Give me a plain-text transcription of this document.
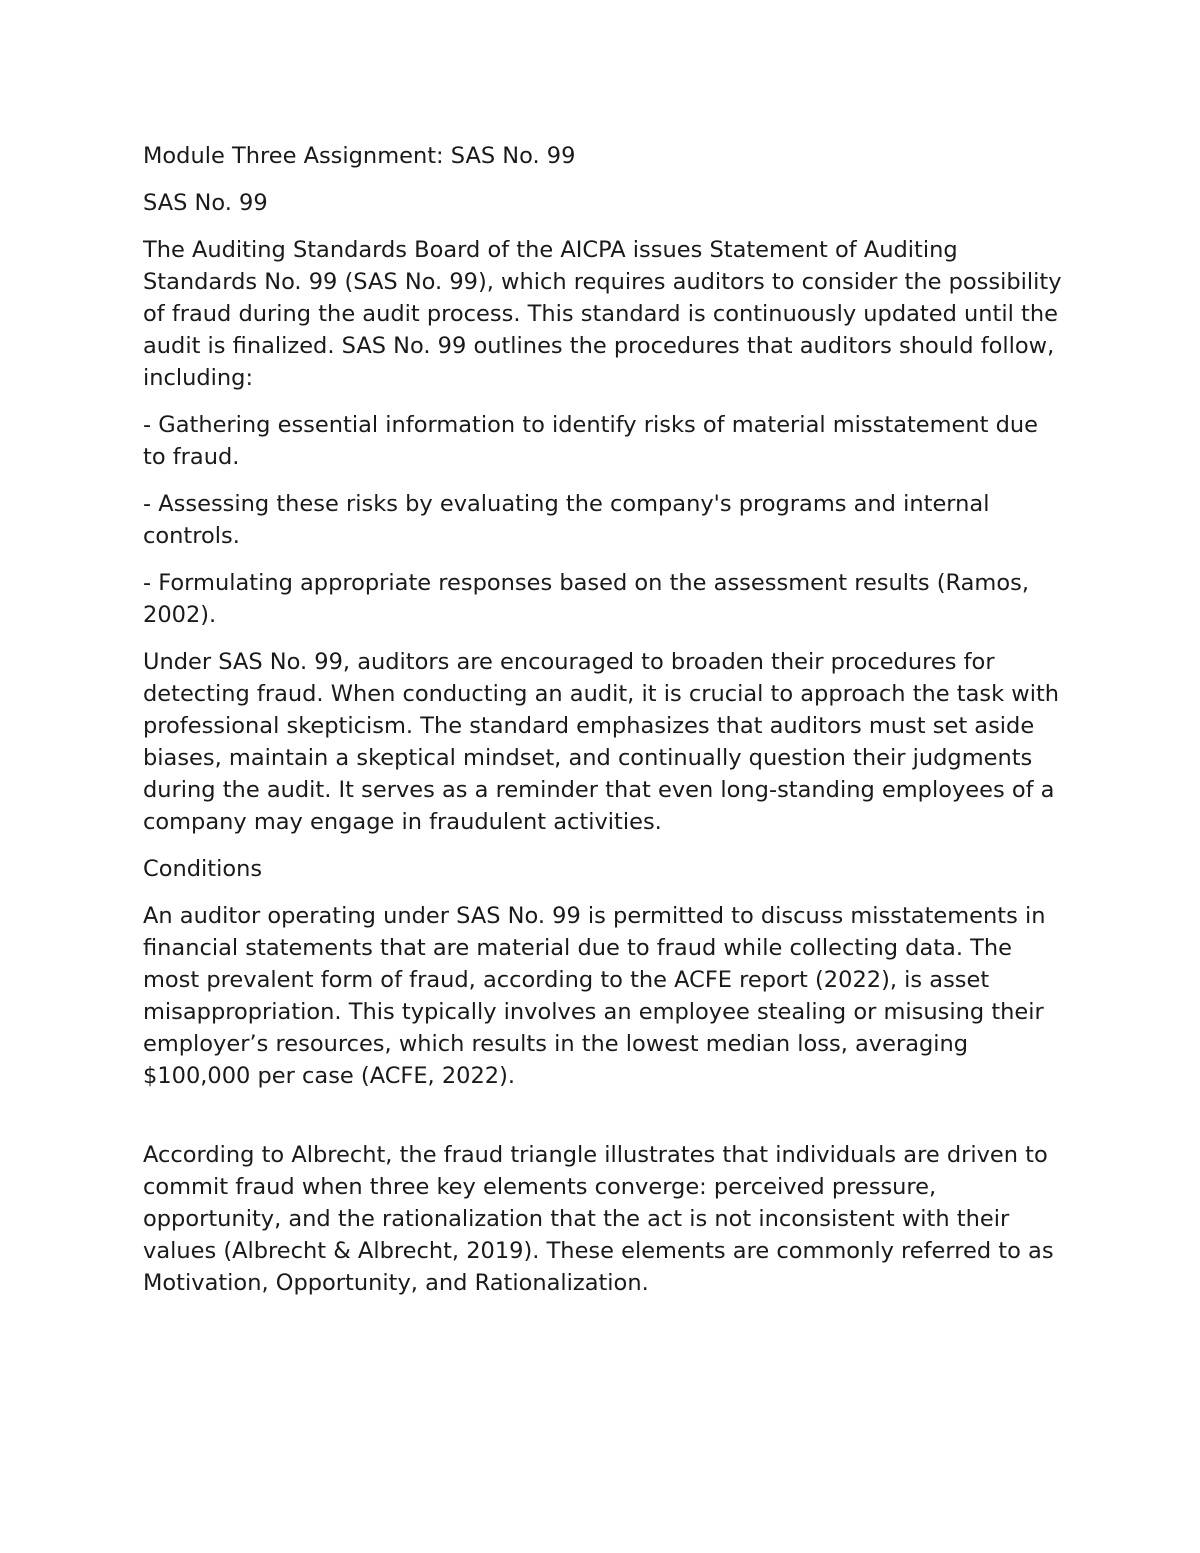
Module Three Assignment: SAS No. 99

SAS No. 99

The Auditing Standards Board of the AICPA issues Statement of Auditing Standards No. 99 (SAS No. 99), which requires auditors to consider the possibility of fraud during the audit process. This standard is continuously updated until the audit is finalized. SAS No. 99 outlines the procedures that auditors should follow, including:

- Gathering essential information to identify risks of material misstatement due to fraud.

- Assessing these risks by evaluating the company's programs and internal controls.

- Formulating appropriate responses based on the assessment results (Ramos, 2002).

Under SAS No. 99, auditors are encouraged to broaden their procedures for detecting fraud. When conducting an audit, it is crucial to approach the task with professional skepticism. The standard emphasizes that auditors must set aside biases, maintain a skeptical mindset, and continually question their judgments during the audit. It serves as a reminder that even long-standing employees of a company may engage in fraudulent activities.

Conditions

An auditor operating under SAS No. 99 is permitted to discuss misstatements in financial statements that are material due to fraud while collecting data. The most prevalent form of fraud, according to the ACFE report (2022), is asset misappropriation. This typically involves an employee stealing or misusing their employer’s resources, which results in the lowest median loss, averaging $100,000 per case (ACFE, 2022).

According to Albrecht, the fraud triangle illustrates that individuals are driven to commit fraud when three key elements converge: perceived pressure, opportunity, and the rationalization that the act is not inconsistent with their values (Albrecht & Albrecht, 2019). These elements are commonly referred to as Motivation, Opportunity, and Rationalization.
